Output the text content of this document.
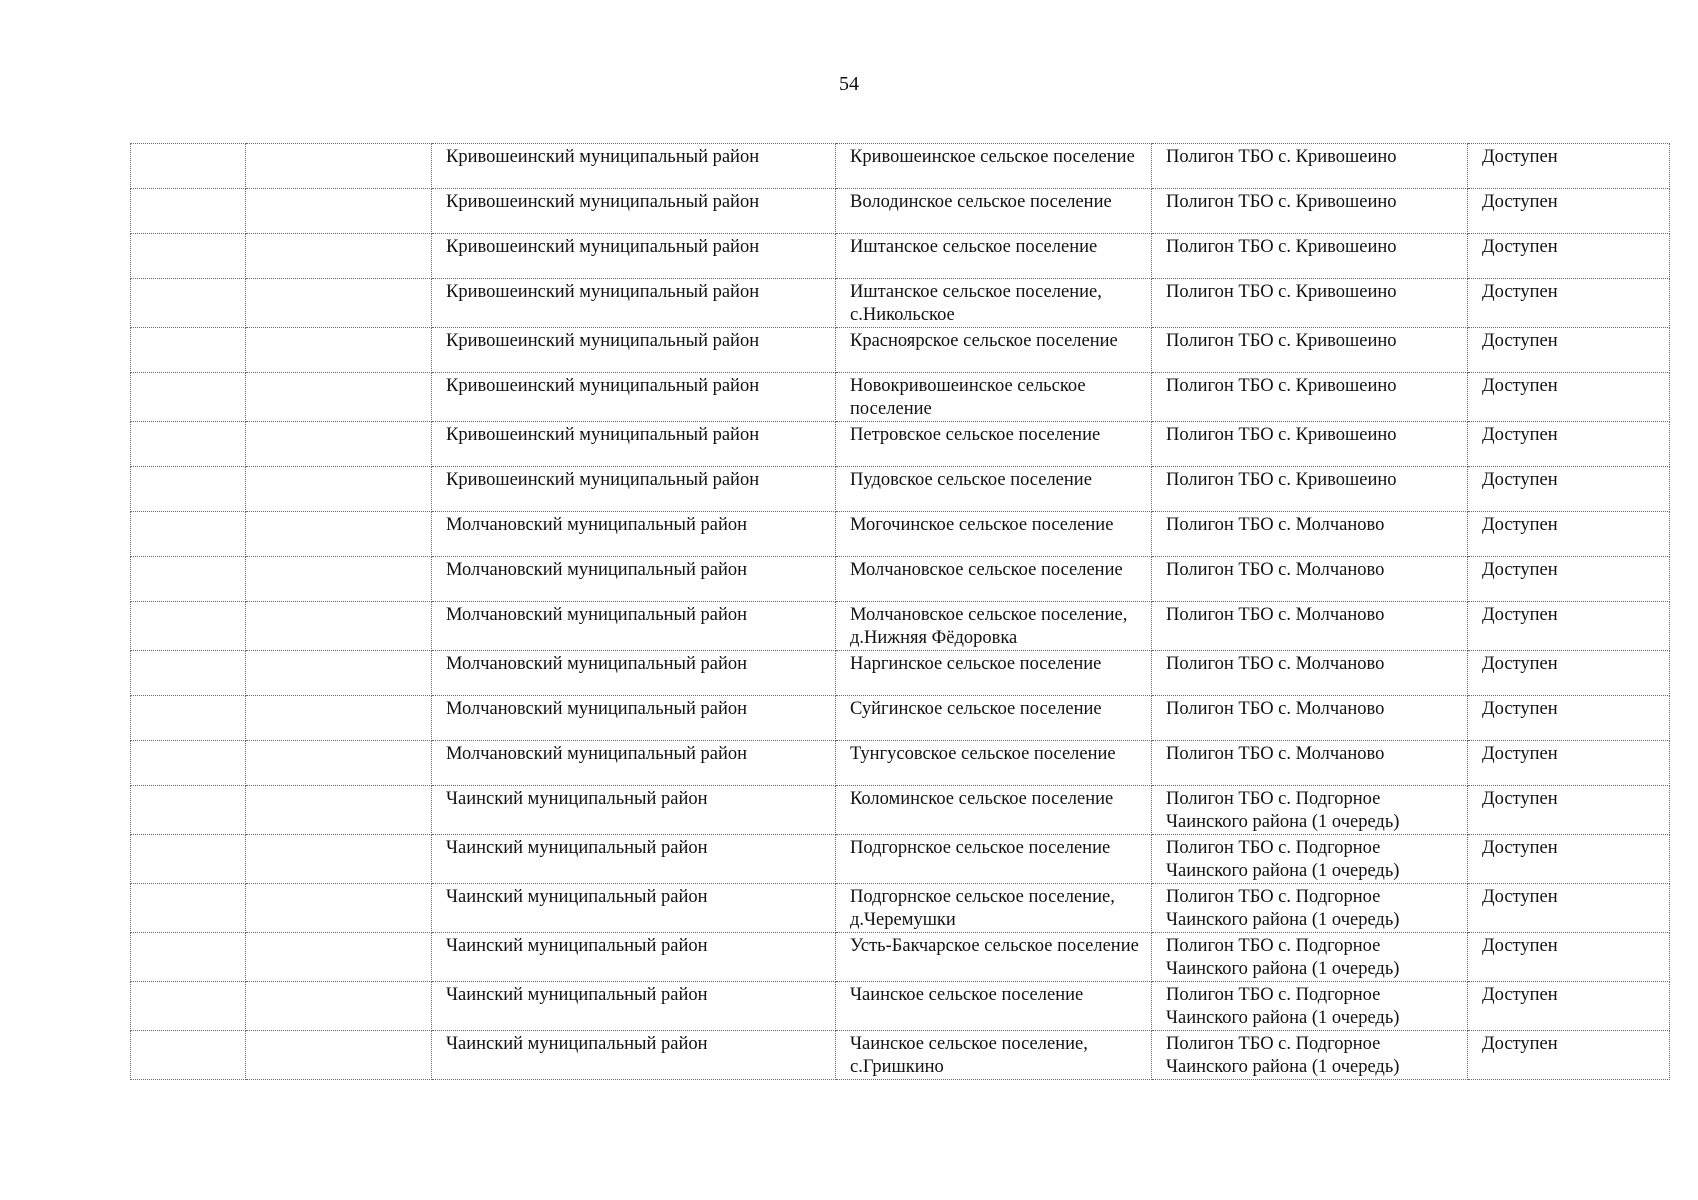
54
		Кривошеинский муниципальный район	Кривошеинское сельское поселение	Полигон ТБО с. Кривошеино	Доступен
		Кривошеинский муниципальный район	Володинское сельское поселение	Полигон ТБО с. Кривошеино	Доступен
		Кривошеинский муниципальный район	Иштанское сельское поселение	Полигон ТБО с. Кривошеино	Доступен
		Кривошеинский муниципальный район	Иштанское сельское поселение, с.Никольское	Полигон ТБО с. Кривошеино	Доступен
		Кривошеинский муниципальный район	Красноярское сельское поселение	Полигон ТБО с. Кривошеино	Доступен
		Кривошеинский муниципальный район	Новокривошеинское сельское поселение	Полигон ТБО с. Кривошеино	Доступен
		Кривошеинский муниципальный район	Петровское сельское поселение	Полигон ТБО с. Кривошеино	Доступен
		Кривошеинский муниципальный район	Пудовское сельское поселение	Полигон ТБО с. Кривошеино	Доступен
		Молчановский муниципальный район	Могочинское сельское поселение	Полигон ТБО с. Молчаново	Доступен
		Молчановский муниципальный район	Молчановское сельское поселение	Полигон ТБО с. Молчаново	Доступен
		Молчановский муниципальный район	Молчановское сельское поселение, д.Нижняя Фёдоровка	Полигон ТБО с. Молчаново	Доступен
		Молчановский муниципальный район	Наргинское сельское поселение	Полигон ТБО с. Молчаново	Доступен
		Молчановский муниципальный район	Суйгинское сельское поселение	Полигон ТБО с. Молчаново	Доступен
		Молчановский муниципальный район	Тунгусовское сельское поселение	Полигон ТБО с. Молчаново	Доступен
		Чаинский муниципальный район	Коломинское сельское поселение	Полигон ТБО с. Подгорное Чаинского района (1 очередь)	Доступен
		Чаинский муниципальный район	Подгорнское сельское поселение	Полигон ТБО с. Подгорное Чаинского района (1 очередь)	Доступен
		Чаинский муниципальный район	Подгорнское сельское поселение, д.Черемушки	Полигон ТБО с. Подгорное Чаинского района (1 очередь)	Доступен
		Чаинский муниципальный район	Усть-Бакчарское сельское поселение	Полигон ТБО с. Подгорное Чаинского района (1 очередь)	Доступен
		Чаинский муниципальный район	Чаинское сельское поселение	Полигон ТБО с. Подгорное Чаинского района (1 очередь)	Доступен
		Чаинский муниципальный район	Чаинское сельское поселение, с.Гришкино	Полигон ТБО с. Подгорное Чаинского района (1 очередь)	Доступен
